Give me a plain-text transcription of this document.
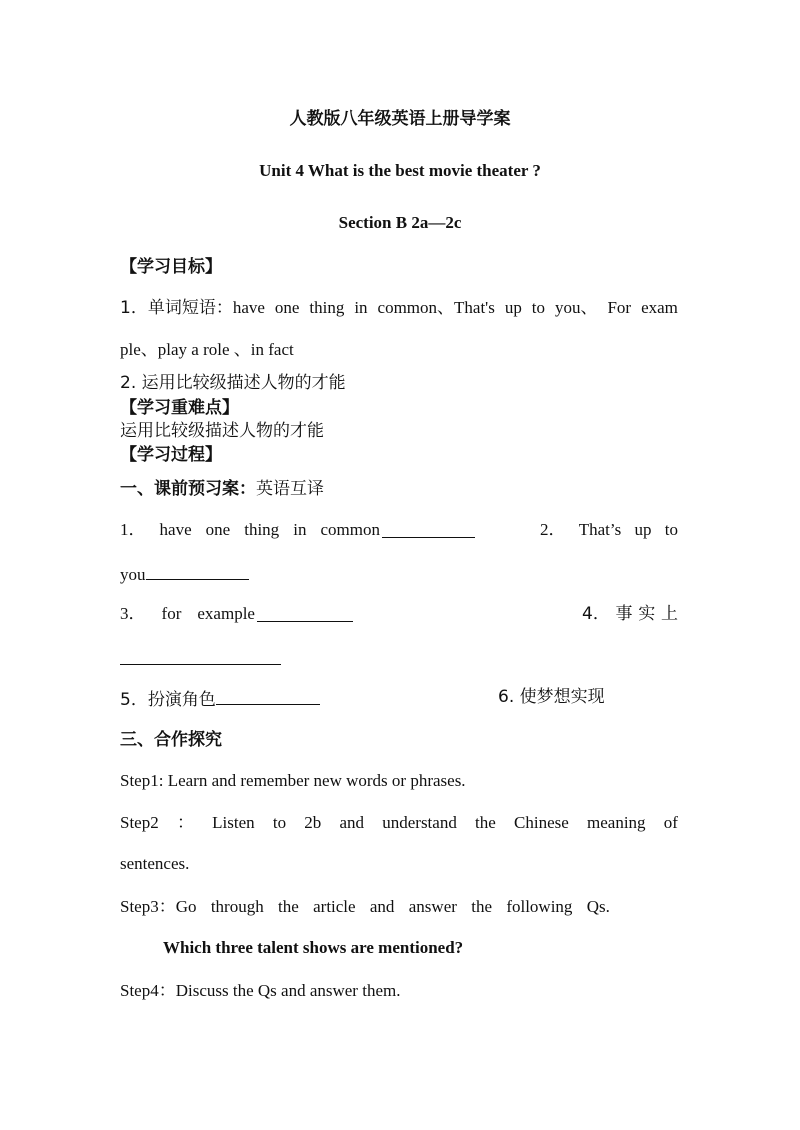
人教版八年级英语上册导学案
Unit 4 What is the best movie theater ?
Section B 2a—2c
【学习目标】
1．单词短语： have one thing in common、That's up to you、 For exam
ple、play a role 、in fact
2. 运用比较级描述人物的才能
【学习重难点】
运用比较级描述人物的才能
【学习过程】
一、课前预习案：英语互译
1． have one thing in common	2． That’s up to
you
3． for example	4． 事 实 上
5．扮演角色	6. 使梦想实现
三、合作探究
Step1: Learn and remember new words or phrases.
Step2 ： Listen to 2b and understand the Chinese meaning of
sentences.
Step3：Go through the article and answer the following Qs.
Which three talent shows are mentioned?
Step4：Discuss the Qs and answer them.
